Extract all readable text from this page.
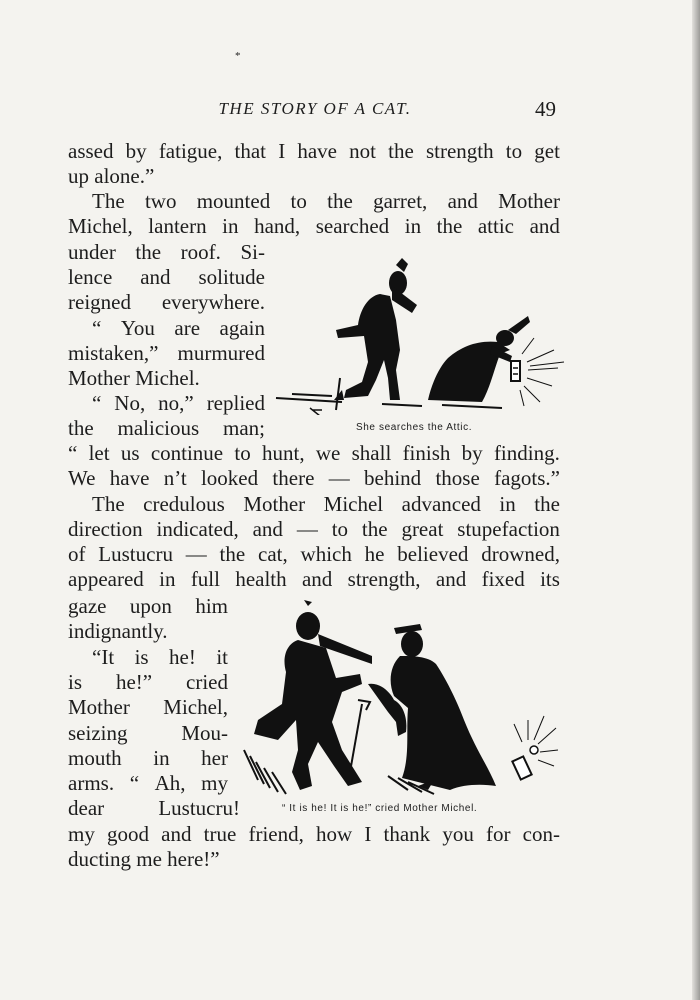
*
THE STORY OF A CAT.	49
assed by fatigue, that I have not the strength to get
up alone.”
The two mounted to the garret, and Mother
Michel, lantern in hand, searched in the attic and
under the roof. Si-
lence and solitude
reigned everywhere.
“ You are again
mistaken,” murmured
Mother Michel.
“ No, no,” replied
the malicious man;
“ let us continue to hunt, we shall finish by finding.
We have n’t looked there — behind those fagots.”
The credulous Mother Michel advanced in the
direction indicated, and — to the great stupefaction
of Lustucru — the cat, which he believed drowned,
appeared in full health and strength, and fixed its
gaze upon him
indignantly.
“It is he! it
is he!” cried
Mother Michel,
seizing	Mou-
mouth in her
arms. “ Ah, my
dear	Lustucru!
my good and true friend, how I thank you for con-
ducting me here!”
She searches the Attic.
“ It is he! It is he!” cried Mother Michel.
